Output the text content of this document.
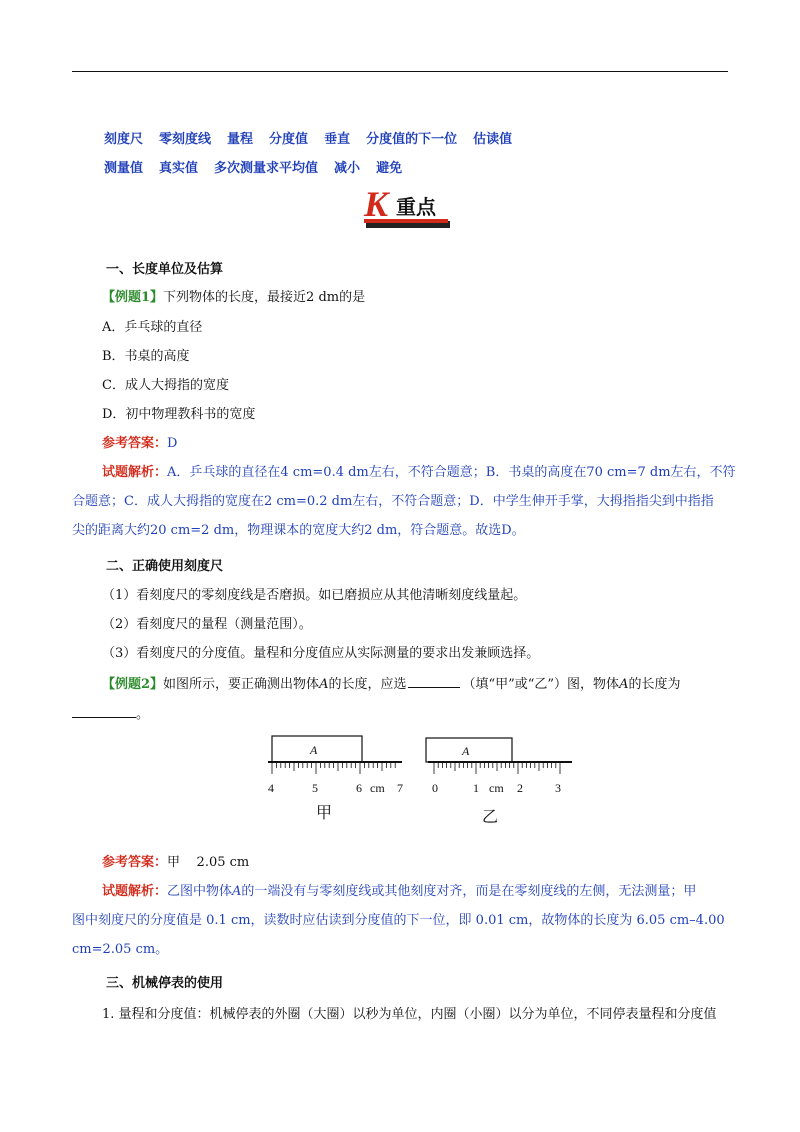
刻度尺 零刻度线 量程 分度值 垂直 分度值的下一位 估读值
测量值 真实值 多次测量求平均值 减小 避免
K 重点
一、长度单位及估算
【例题1】下列物体的长度，最接近2 dm的是
A．乒乓球的直径
B．书桌的高度
C．成人大拇指的宽度
D．初中物理教科书的宽度
参考答案：D
试题解析：A．乒乓球的直径在4 cm=0.4 dm左右，不符合题意；B．书桌的高度在70 cm=7 dm左右，不符
合题意；C．成人大拇指的宽度在2 cm=0.2 dm左右，不符合题意；D．中学生伸开手掌，大拇指指尖到中指指
尖的距离大约20 cm=2 dm，物理课本的宽度大约2 dm，符合题意。故选D。
二、正确使用刻度尺
（1）看刻度尺的零刻度线是否磨损。如已磨损应从其他清晰刻度线量起。
（2）看刻度尺的量程（测量范围）。
（3）看刻度尺的分度值。量程和分度值应从实际测量的要求出发兼顾选择。
【例题2】如图所示，要正确测出物体A的长度，应选	（填“甲”或“乙”）图，物体A的长度为
。
A
4	5	6 cm 7
甲
A
0	1 cm 2	3
乙
参考答案：甲    2.05 cm
试题解析：乙图中物体A的一端没有与零刻度线或其他刻度对齐，而是在零刻度线的左侧，无法测量；甲
图中刻度尺的分度值是 0.1 cm，读数时应估读到分度值的下一位，即 0.01 cm，故物体的长度为 6.05 cm–4.00
cm=2.05 cm。
三、机械停表的使用
1. 量程和分度值：机械停表的外圈（大圈）以秒为单位，内圈（小圈）以分为单位，不同停表量程和分度值
